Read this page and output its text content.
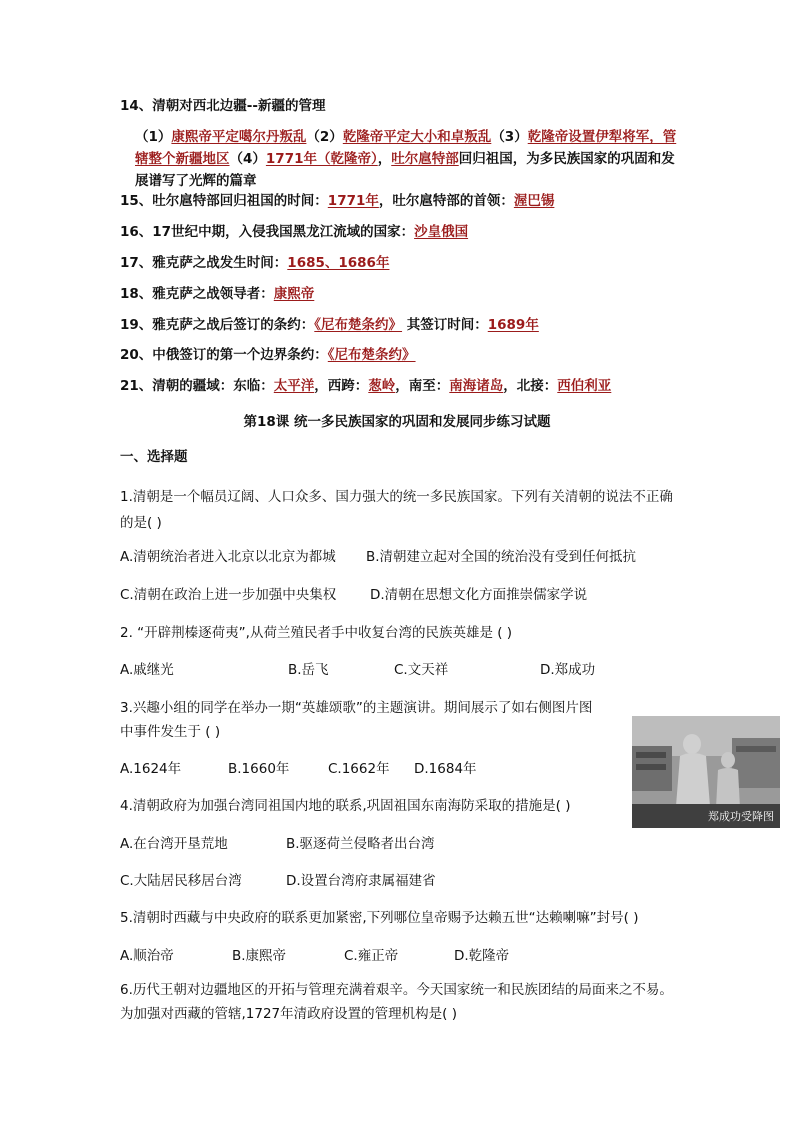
14、清朝对西北边疆--新疆的管理
（1）康熙帝平定噶尔丹叛乱（2）乾隆帝平定大小和卓叛乱（3）乾隆帝设置伊犁将军，管辖整个新疆地区（4）1771年（乾隆帝），吐尔扈特部回归祖国，为多民族国家的巩固和发展谱写了光辉的篇章
15、吐尔扈特部回归祖国的时间：1771年，吐尔扈特部的首领：渥巴锡
16、17世纪中期，入侵我国黑龙江流域的国家：沙皇俄国
17、雅克萨之战发生时间：1685、1686年
18、雅克萨之战领导者：康熙帝
19、雅克萨之战后签订的条约：《尼布楚条约》 其签订时间：1689年
20、中俄签订的第一个边界条约：《尼布楚条约》
21、清朝的疆域：东临：太平洋，西跨：葱岭，南至：南海诸岛，北接：西伯利亚
第18课 统一多民族国家的巩固和发展同步练习试题
一、选择题
1.清朝是一个幅员辽阔、人口众多、国力强大的统一多民族国家。下列有关清朝的说法不正确的是( )
A.清朝统治者进入北京以北京为都城 B.清朝建立起对全国的统治没有受到任何抵抗
C.清朝在政治上进一步加强中央集权	D.清朝在思想文化方面推崇儒家学说
2. “开辟荆榛逐荷夷”,从荷兰殖民者手中收复台湾的民族英雄是 ( )
A.戚继光	B.岳飞	C.文天祥	D.郑成功
3.兴趣小组的同学在举办一期“英雄颂歌”的主题演讲。期间展示了如右侧图片图
中事件发生于 ( )
A.1624年	B.1660年	C.1662年 D.1684年
郑成功受降图
4.清朝政府为加强台湾同祖国内地的联系,巩固祖国东南海防采取的措施是( )
A.在台湾开垦荒地	B.驱逐荷兰侵略者出台湾
C.大陆居民移居台湾	D.设置台湾府隶属福建省
5.清朝时西藏与中央政府的联系更加紧密,下列哪位皇帝赐予达赖五世“达赖喇嘛”封号( )
A.顺治帝	B.康熙帝	C.雍正帝	D.乾隆帝
6.历代王朝对边疆地区的开拓与管理充满着艰辛。今天国家统一和民族团结的局面来之不易。为加强对西藏的管辖,1727年清政府设置的管理机构是( )
